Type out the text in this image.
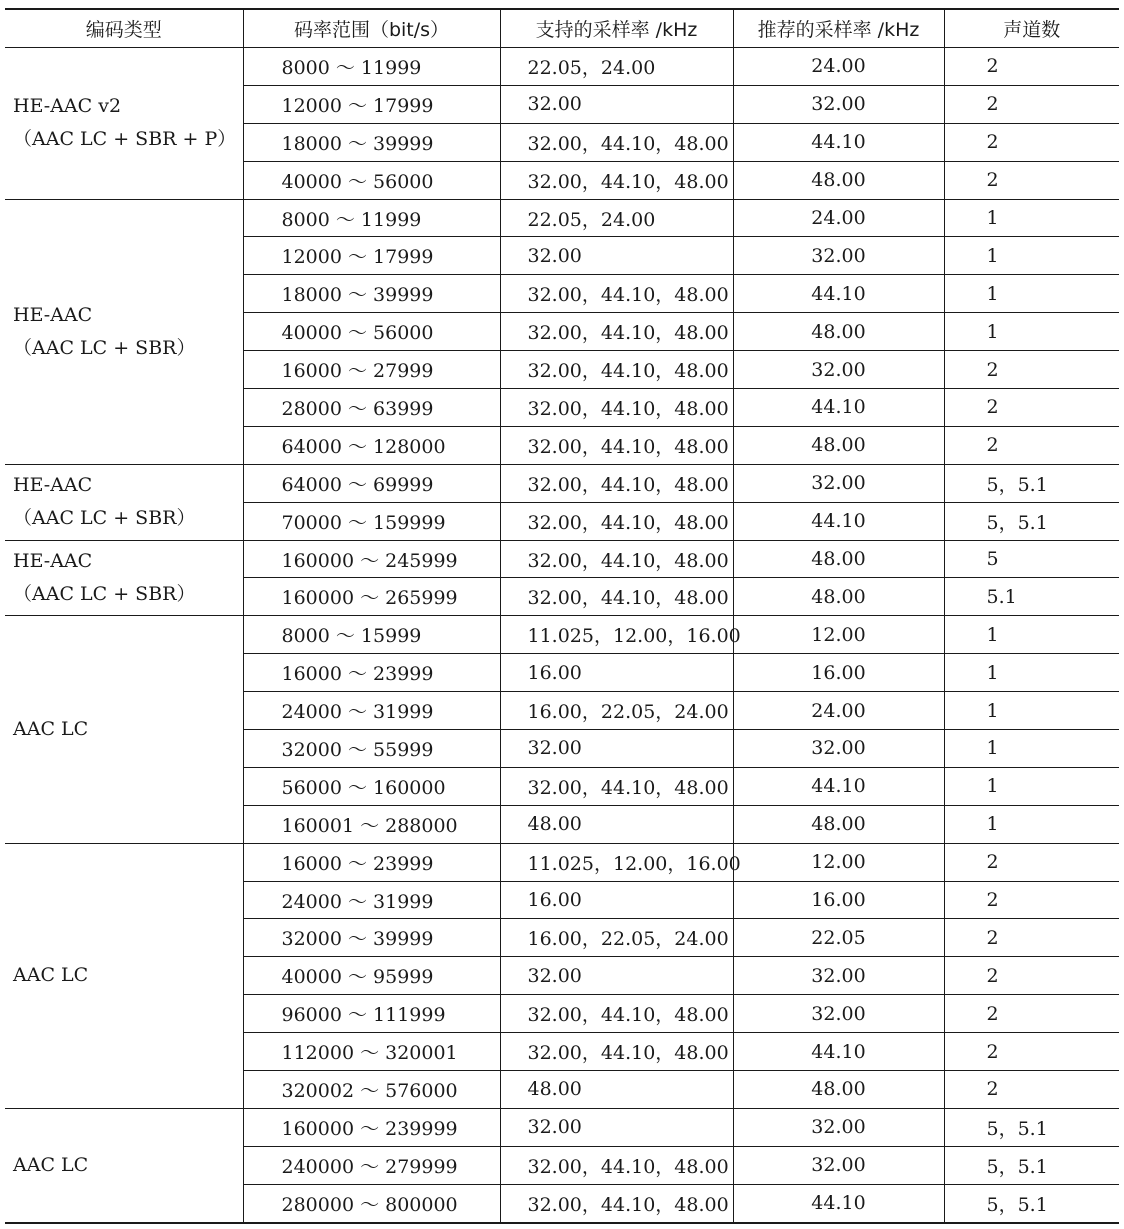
编码类型	码率范围（bit/s）	支持的采样率 /kHz	推荐的采样率 /kHz	声道数

HE-AAC v2
（AAC LC + SBR + P）	8000 ～ 11999	22.05，24.00	24.00	2
	12000 ～ 17999	32.00	32.00	2
	18000 ～ 39999	32.00，44.10，48.00	44.10	2
	40000 ～ 56000	32.00，44.10，48.00	48.00	2

HE-AAC
（AAC LC + SBR）	8000 ～ 11999	22.05，24.00	24.00	1
	12000 ～ 17999	32.00	32.00	1
	18000 ～ 39999	32.00，44.10，48.00	44.10	1
	40000 ～ 56000	32.00，44.10，48.00	48.00	1
	16000 ～ 27999	32.00，44.10，48.00	32.00	2
	28000 ～ 63999	32.00，44.10，48.00	44.10	2
	64000 ～ 128000	32.00，44.10，48.00	48.00	2

HE-AAC
（AAC LC + SBR）	64000 ～ 69999	32.00，44.10，48.00	32.00	5，5.1
	70000 ～ 159999	32.00，44.10，48.00	44.10	5，5.1

HE-AAC
（AAC LC + SBR）	160000 ～ 245999	32.00，44.10，48.00	48.00	5
	160000 ～ 265999	32.00，44.10，48.00	48.00	5.1

AAC LC	8000 ～ 15999	11.025，12.00，16.00	12.00	1
	16000 ～ 23999	16.00	16.00	1
	24000 ～ 31999	16.00，22.05，24.00	24.00	1
	32000 ～ 55999	32.00	32.00	1
	56000 ～ 160000	32.00，44.10，48.00	44.10	1
	160001 ～ 288000	48.00	48.00	1

AAC LC	16000 ～ 23999	11.025，12.00，16.00	12.00	2
	24000 ～ 31999	16.00	16.00	2
	32000 ～ 39999	16.00，22.05，24.00	22.05	2
	40000 ～ 95999	32.00	32.00	2
	96000 ～ 111999	32.00，44.10，48.00	32.00	2
	112000 ～ 320001	32.00，44.10，48.00	44.10	2
	320002 ～ 576000	48.00	48.00	2

AAC LC	160000 ～ 239999	32.00	32.00	5，5.1
	240000 ～ 279999	32.00，44.10，48.00	32.00	5，5.1
	280000 ～ 800000	32.00，44.10，48.00	44.10	5，5.1
